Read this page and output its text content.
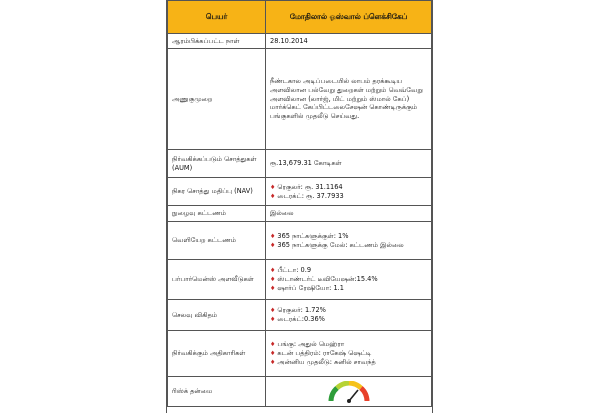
பெயர்	மோதிலால் ஓஸ்வால் ப்ளெக்சிகேப்
ஆரம்பிக்கப்பட்ட நாள்	28.10.2014
அணுகுமுறை	நீண்டகால அடிப்படையில் லாபம் தரக்கூடிய அளவிலான பல்வேறு துறைகள் மற்றும் வெவ்வேறு அளவிலான (லார்ஜ், மிட் மற்றும் ஸ்மால் கேப்) மார்க்கெட் கேப்பிட்டலைசேஷன் கொண்டிருக்கும் பங்குகளில் முதலீடு செய்வது.
நிர்வகிக்கப்படும் சொத்துகள் (AUM)	ரூ.13,679.31 கோடிகள்
நிகர சொத்து மதிப்பு (NAV)	♦ ரெகுலர்: ரூ. 31.1164
♦ டைரக்ட்: ரூ. 37.7933

நுழைவு கட்டணம்	இல்லை
வெளியேற கட்டணம்	♦ 365 நாட்களுக்குள்: 1%
♦ 365 நாட்களுக்கு மேல்: கட்டணம் இல்லை

பர்பார்மென்ஸ் அளவீடுகள்	♦ பீட்டா: 0.9
♦ ஸ்டாண்டர்ட் டீவியேஷன்:15.4%
♦ ஷார்ப் ரேஷியோ: 1.1

செலவு விகிதம்	♦ ரெகுலர்: 1.72%
♦ டைரக்ட்:0.36%

நிர்வகிக்கும் அதிகாரிகள்	♦ பங்கு: அதுல் மெஹ்ரா
♦ கடன் பத்திரம்: ராகேஷ் ஷெட்டி
♦ அன்னிய முதலீடு: சுனில் சாவந்த்

ரிஸ்க் தன்மை	
